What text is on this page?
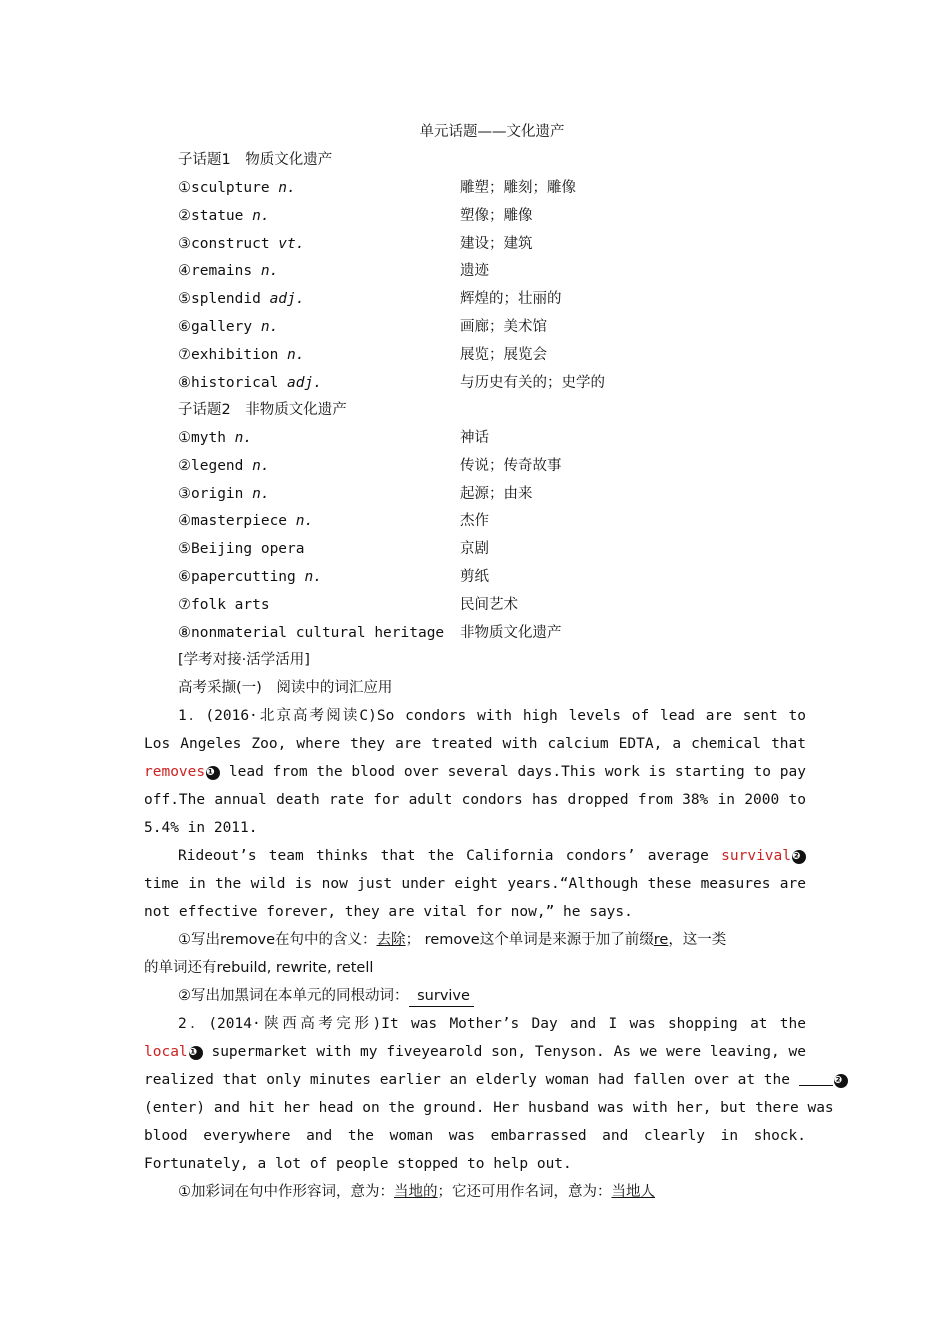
单元话题——文化遗产
子话题1　物质文化遗产
①sculpture n.	雕塑；雕刻；雕像
②statue n.	塑像；雕像
③construct vt.	建设；建筑
④remains n.	遗迹
⑤splendid adj.	辉煌的；壮丽的
⑥gallery n.	画廊；美术馆
⑦exhibition n.	展览；展览会
⑧historical adj.	与历史有关的；史学的
子话题2　非物质文化遗产
①myth n.	神话
②legend n.	传说；传奇故事
③origin n.	起源；由来
④masterpiece n.	杰作
⑤Beijing opera	京剧
⑥papercutting n.	剪纸
⑦folk arts	民间艺术
⑧nonmaterial cultural heritage 非物质文化遗产
[学考对接·活学活用]
高考采撷(一)　阅读中的词汇应用
1．(2016·北京高考阅读C)So condors with high levels of lead are sent to
Los Angeles Zoo, where they are treated with calcium EDTA, a chemical that
removes❶ lead from the blood over several days.This work is starting to pay
off.The annual death rate for adult condors has dropped from 38% in 2000 to
5.4% in 2011.
Rideout’s team thinks that the California condors’ average survival❷
time in the wild is now just under eight years.“Although these measures are
not effective forever, they are vital for now,” he says.
①写出remove在句中的含义：去除； remove这个单词是来源于加了前缀re，这一类
的单词还有rebuild, rewrite, retell
②写出加黑词在本单元的同根动词： survive
2．(2014·陕西高考完形)It was Mother’s Day and I was shopping at the
local❶ supermarket with my fiveyearold son, Tenyson. As we were leaving, we
realized that only minutes earlier an elderly woman had fallen over at the	❷
(enter) and hit her head on the ground. Her husband was with her, but there was
blood everywhere and the woman was embarrassed and clearly in shock.
Fortunately, a lot of people stopped to help out.
①加彩词在句中作形容词，意为：当地的；它还可用作名词，意为：当地人
